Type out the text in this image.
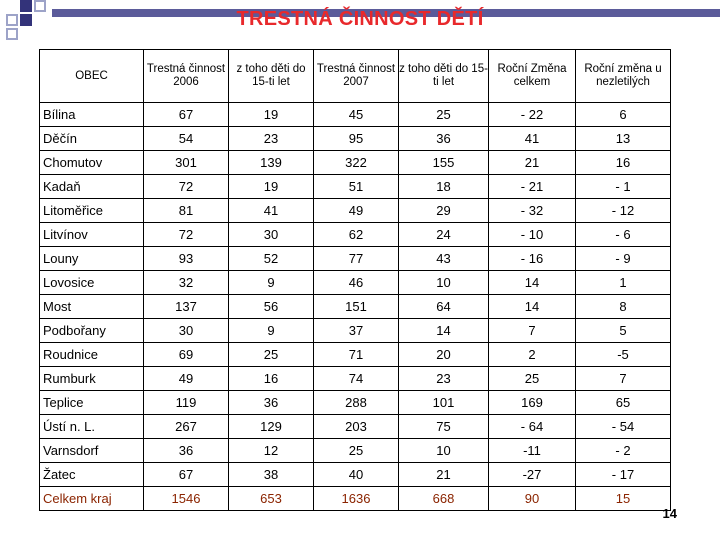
TRESTNÁ ČINNOST DĚTÍ
OBEC	Trestná činnost 2006	z toho děti do 15-ti let	Trestná činnost 2007	z toho děti do 15-ti let	Roční Změna celkem	Roční změna u nezletilých
Bílina	67	19	45	25	- 22	6
Děčín	54	23	95	36	41	13
Chomutov	301	139	322	155	21	16
Kadaň	72	19	51	18	- 21	- 1
Litoměřice	81	41	49	29	- 32	- 12
Litvínov	72	30	62	24	- 10	- 6
Louny	93	52	77	43	- 16	- 9
Lovosice	32	9	46	10	14	1
Most	137	56	151	64	14	8
Podbořany	30	9	37	14	7	5
Roudnice	69	25	71	20	2	-5
Rumburk	49	16	74	23	25	7
Teplice	119	36	288	101	169	65
Ústí n. L.	267	129	203	75	- 64	- 54
Varnsdorf	36	12	25	10	-11	- 2
Žatec	67	38	40	21	-27	- 17
Celkem kraj	1546	653	1636	668	90	15
14
